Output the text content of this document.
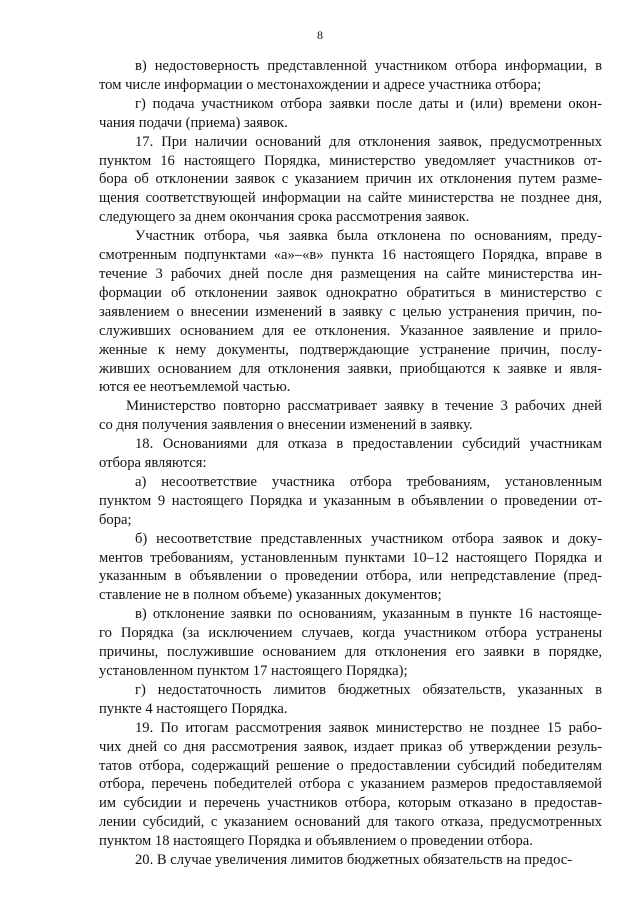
8
в) недостоверность представленной участником отбора информации, в
том числе информации о местонахождении и адресе участника отбора;
г) подача участником отбора заявки после даты и (или) времени окон-
чания подачи (приема) заявок.
17. При наличии оснований для отклонения заявок, предусмотренных
пунктом 16 настоящего Порядка, министерство уведомляет участников от-
бора об отклонении заявок с указанием причин их отклонения путем разме-
щения соответствующей информации на сайте министерства не позднее дня,
следующего за днем окончания срока рассмотрения заявок.
Участник отбора, чья заявка была отклонена по основаниям, преду-
смотренным подпунктами «а»–«в» пункта 16 настоящего Порядка, вправе в
течение 3 рабочих дней после дня размещения на сайте министерства ин-
формации об отклонении заявок однократно обратиться в министерство с
заявлением о внесении изменений в заявку с целью устранения причин, по-
служивших основанием для ее отклонения. Указанное заявление и прило-
женные к нему документы, подтверждающие устранение причин, послу-
живших основанием для отклонения заявки, приобщаются к заявке и явля-
ются ее неотъемлемой частью.
Министерство повторно рассматривает заявку в течение 3 рабочих дней
со дня получения заявления о внесении изменений в заявку.
18. Основаниями для отказа в предоставлении субсидий участникам
отбора являются:
а) несоответствие участника отбора требованиям, установленным
пунктом 9 настоящего Порядка и указанным в объявлении о проведении от-
бора;
б) несоответствие представленных участником отбора заявок и доку-
ментов требованиям, установленным пунктами 10–12 настоящего Порядка и
указанным в объявлении о проведении отбора, или непредставление (пред-
ставление не в полном объеме) указанных документов;
в) отклонение заявки по основаниям, указанным в пункте 16 настояще-
го Порядка (за исключением случаев, когда участником отбора устранены
причины, послужившие основанием для отклонения его заявки в порядке,
установленном пунктом 17 настоящего Порядка);
г) недостаточность лимитов бюджетных обязательств, указанных в
пункте 4 настоящего Порядка.
19. По итогам рассмотрения заявок министерство не позднее 15 рабо-
чих дней со дня рассмотрения заявок, издает приказ об утверждении резуль-
татов отбора, содержащий решение о предоставлении субсидий победителям
отбора, перечень победителей отбора с указанием размеров предоставляемой
им субсидии и перечень участников отбора, которым отказано в предостав-
лении субсидий, с указанием оснований для такого отказа, предусмотренных
пунктом 18 настоящего Порядка и объявлением о проведении отбора.
20. В случае увеличения лимитов бюджетных обязательств на предос-
